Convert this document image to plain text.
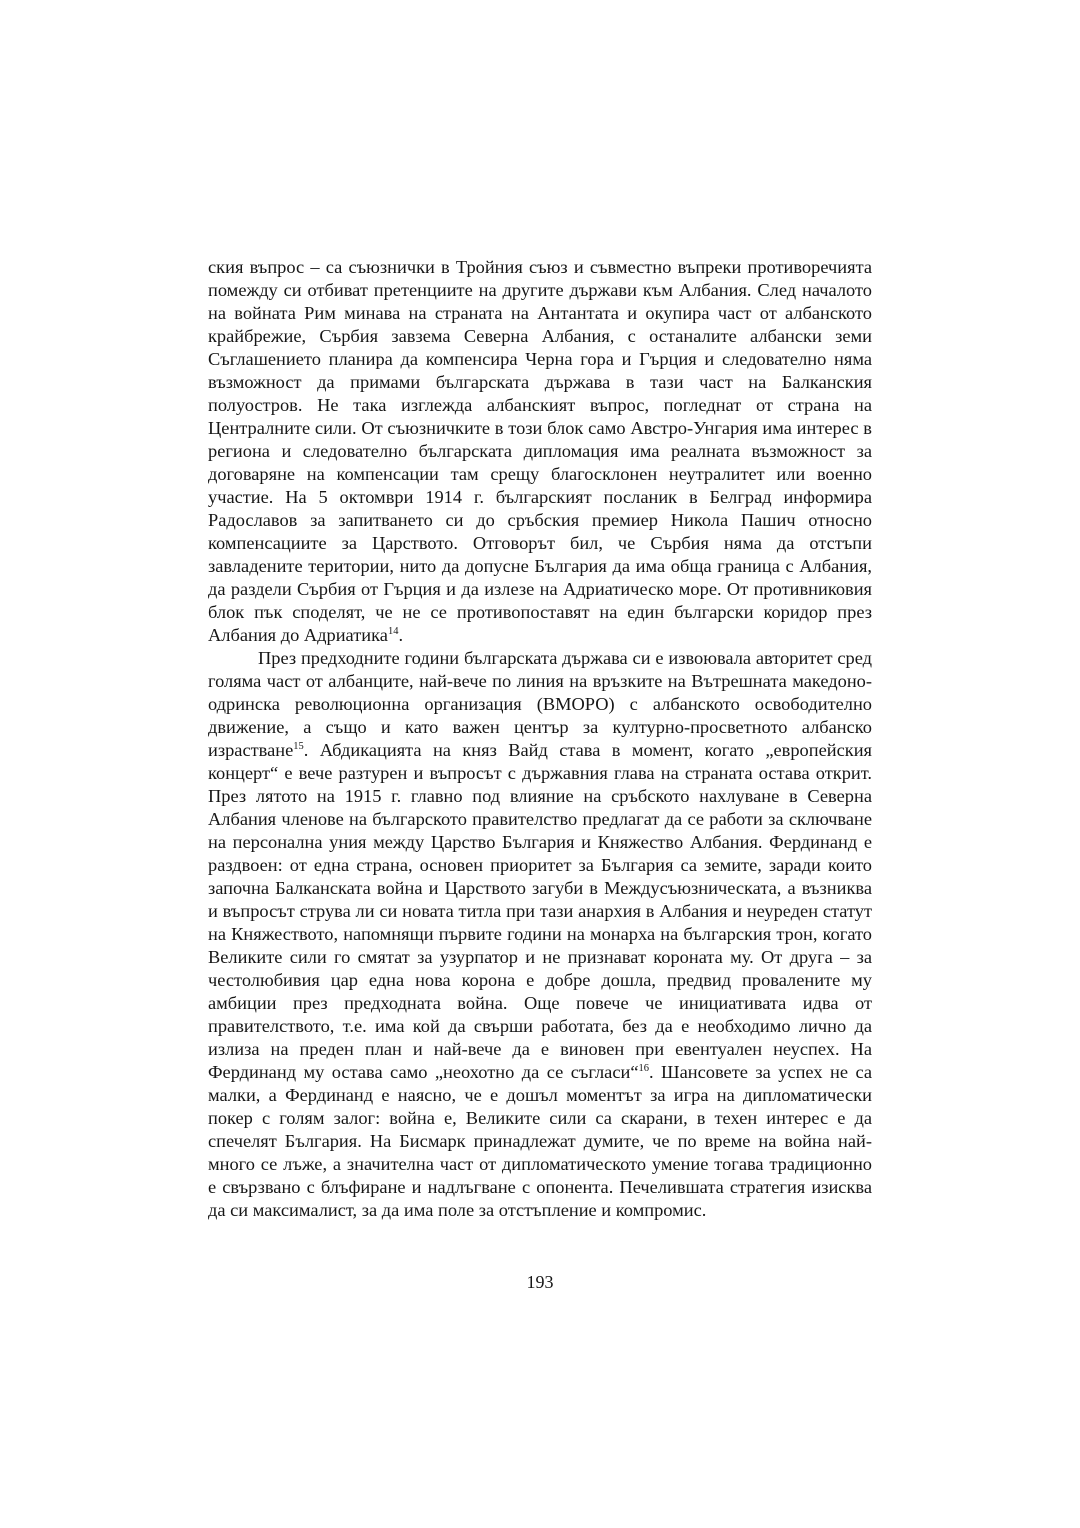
ския въпрос – са съюзнички в Тройния съюз и съвместно въпреки противоречията помежду си отбиват претенциите на другите държави към Албания. След началото на войната Рим минава на страната на Антантата и окупира част от албанското крайбрежие, Сърбия завзема Северна Албания, с останалите албански земи Съглашението планира да компенсира Черна гора и Гърция и следователно няма възможност да примами българската държава в тази част на Балканския полуостров. Не така изглежда албанският въпрос, погледнат от страна на Централните сили. От съюзничките в този блок само Австро-Унгария има интерес в региона и следователно българската дипломация има реалната възможност за договаряне на компенсации там срещу благосклонен неутралитет или военно участие. На 5 октомври 1914 г. българският посланик в Белград информира Радославов за запитването си до сръбския премиер Никола Пашич относно компенсациите за Царството. Отговорът бил, че Сърбия няма да отстъпи завладените територии, нито да допусне България да има обща граница с Албания, да раздели Сърбия от Гърция и да излезе на Адриатическо море. От противниковия блок пък споделят, че не се противопоставят на един български коридор през Албания до Адриатика$^{14}$.

През предходните години българската държава си е извоювала авторитет сред голяма част от албанците, най-вече по линия на връзките на Вътрешната македоно-одринска революционна организация (ВМОРО) с албанското освободително движение, а също и като важен център за културно-просветното албанско израстване$^{15}$. Абдикацията на княз Вайд става в момент, когато „европейския концерт“ е вече разтурен и въпросът с държавния глава на страната остава открит. През лятото на 1915 г. главно под влияние на сръбското нахлуване в Северна Албания членове на българското правителство предлагат да се работи за сключване на персонална уния между Царство България и Княжество Албания. Фердинанд е раздвоен: от една страна, основен приоритет за България са земите, заради които започна Балканската война и Царството загуби в Междусъюзническата, а възниква и въпросът струва ли си новата титла при тази анархия в Албания и неуреден статут на Княжеството, напомнящи първите години на монарха на българския трон, когато Великите сили го смятат за узурпатор и не признават короната му. От друга – за честолюбивия цар една нова корона е добре дошла, предвид провалените му амбиции през предходната война. Още повече че инициативата идва от правителството, т.е. има кой да свърши работата, без да е необходимо лично да излиза на преден план и най-вече да е виновен при евентуален неуспех. На Фердинанд му остава само „неохотно да се съгласи“$^{16}$. Шансовете за успех не са малки, а Фердинанд е наясно, че е дошъл моментът за игра на дипломатически покер с голям залог: война е, Великите сили са скарани, в техен интерес е да спечелят България. На Бисмарк принадлежат думите, че по време на война най-много се лъже, а значителна част от дипломатическото умение тогава традиционно е свързвано с блъфиране и надлъгване с опонента. Печелившата стратегия изисква да си максималист, за да има поле за отстъпление и компромис.

193
